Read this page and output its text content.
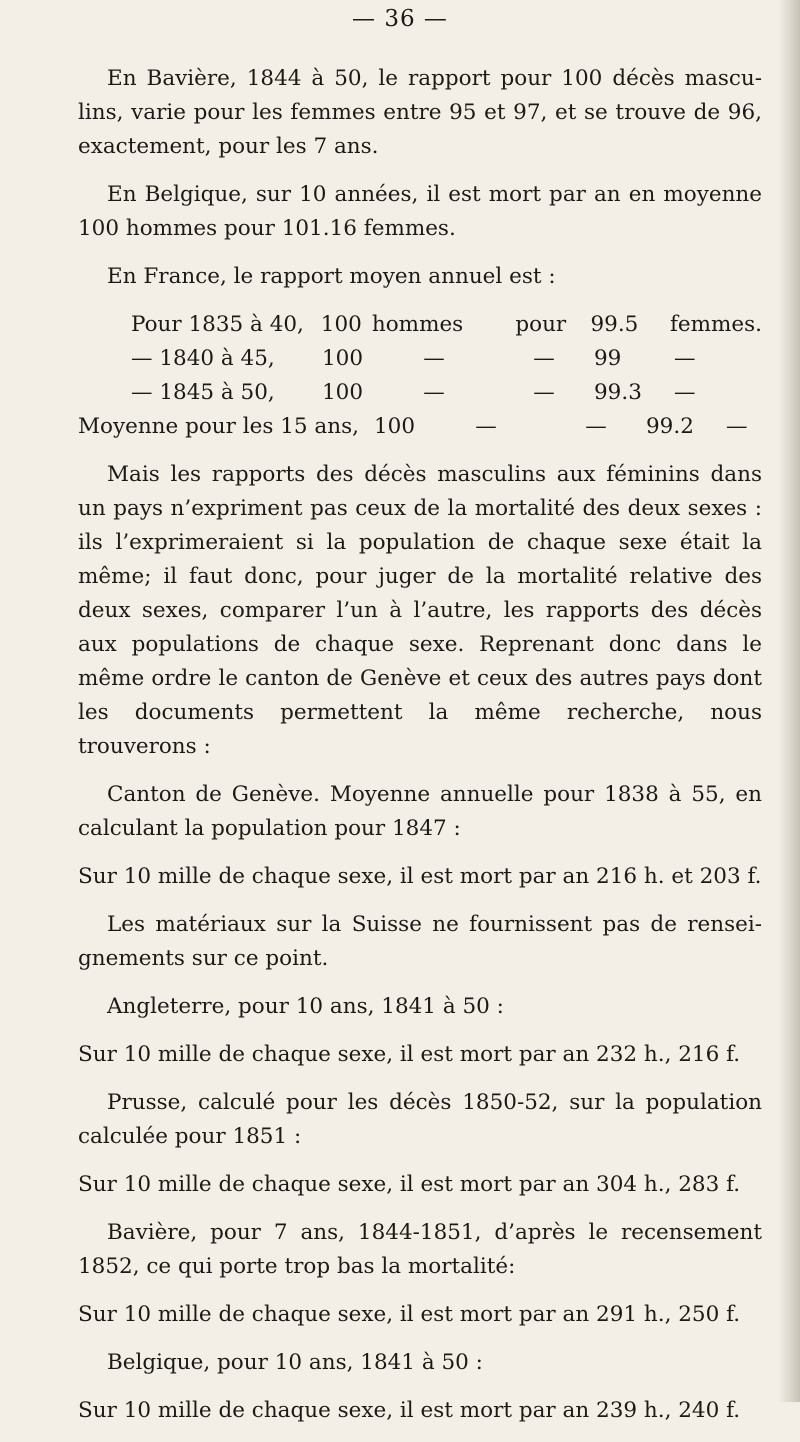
— 36 —

En Bavière, 1844 à 50, le rapport pour 100 décès mascu-lins, varie pour les femmes entre 95 et 97, et se trouve de 96, exactement, pour les 7 ans.

En Belgique, sur 10 années, il est mort par an en moyenne 100 hommes pour 101.16 femmes.

En France, le rapport moyen annuel est :

Pour 1835 à 40, 100 hommes	pour	99.5	femmes.
— 1840 à 45,	100	—	—	99	—
— 1845 à 50,	100	—	—	99.3	—
Moyenne pour les 15 ans, 100	—	—	99.2	—

Mais les rapports des décès masculins aux féminins dans un pays n’expriment pas ceux de la mortalité des deux sexes : ils l’exprimeraient si la population de chaque sexe était la même; il faut donc, pour juger de la mortalité relative des deux sexes, comparer l’un à l’autre, les rapports des décès aux populations de chaque sexe. Reprenant donc dans le même ordre le canton de Genève et ceux des autres pays dont les documents permettent la même recherche, nous trouverons :

Canton de Genève. Moyenne annuelle pour 1838 à 55, en calculant la population pour 1847 :

Sur 10 mille de chaque sexe, il est mort par an 216 h. et 203 f.

Les matériaux sur la Suisse ne fournissent pas de rensei-gnements sur ce point.

Angleterre, pour 10 ans, 1841 à 50 :

Sur 10 mille de chaque sexe, il est mort par an 232 h., 216 f.

Prusse, calculé pour les décès 1850-52, sur la population calculée pour 1851 :

Sur 10 mille de chaque sexe, il est mort par an 304 h., 283 f.

Bavière, pour 7 ans, 1844-1851, d’après le recensement 1852, ce qui porte trop bas la mortalité:

Sur 10 mille de chaque sexe, il est mort par an 291 h., 250 f.

Belgique, pour 10 ans, 1841 à 50 :

Sur 10 mille de chaque sexe, il est mort par an 239 h., 240 f.
